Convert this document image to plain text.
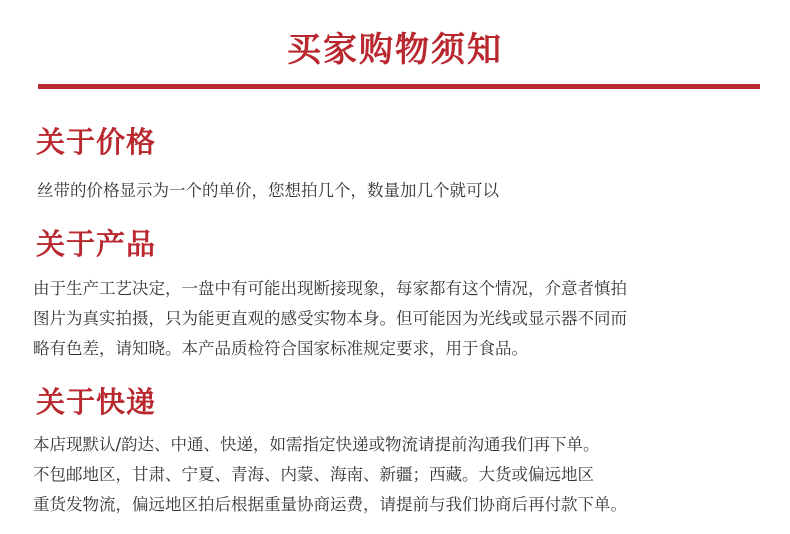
买家购物须知
关于价格
丝带的价格显示为一个的单价，您想拍几个，数量加几个就可以
关于产品
由于生产工艺决定，一盘中有可能出现断接现象，每家都有这个情况，介意者慎拍
图片为真实拍摄，只为能更直观的感受实物本身。但可能因为光线或显示器不同而
略有色差，请知晓。本产品质检符合国家标准规定要求，用于食品。
关于快递
本店现默认/韵达、中通、快递，如需指定快递或物流请提前沟通我们再下单。
不包邮地区，甘肃、宁夏、青海、内蒙、海南、新疆；西藏。大货或偏远地区
重货发物流，偏远地区拍后根据重量协商运费，请提前与我们协商后再付款下单。
